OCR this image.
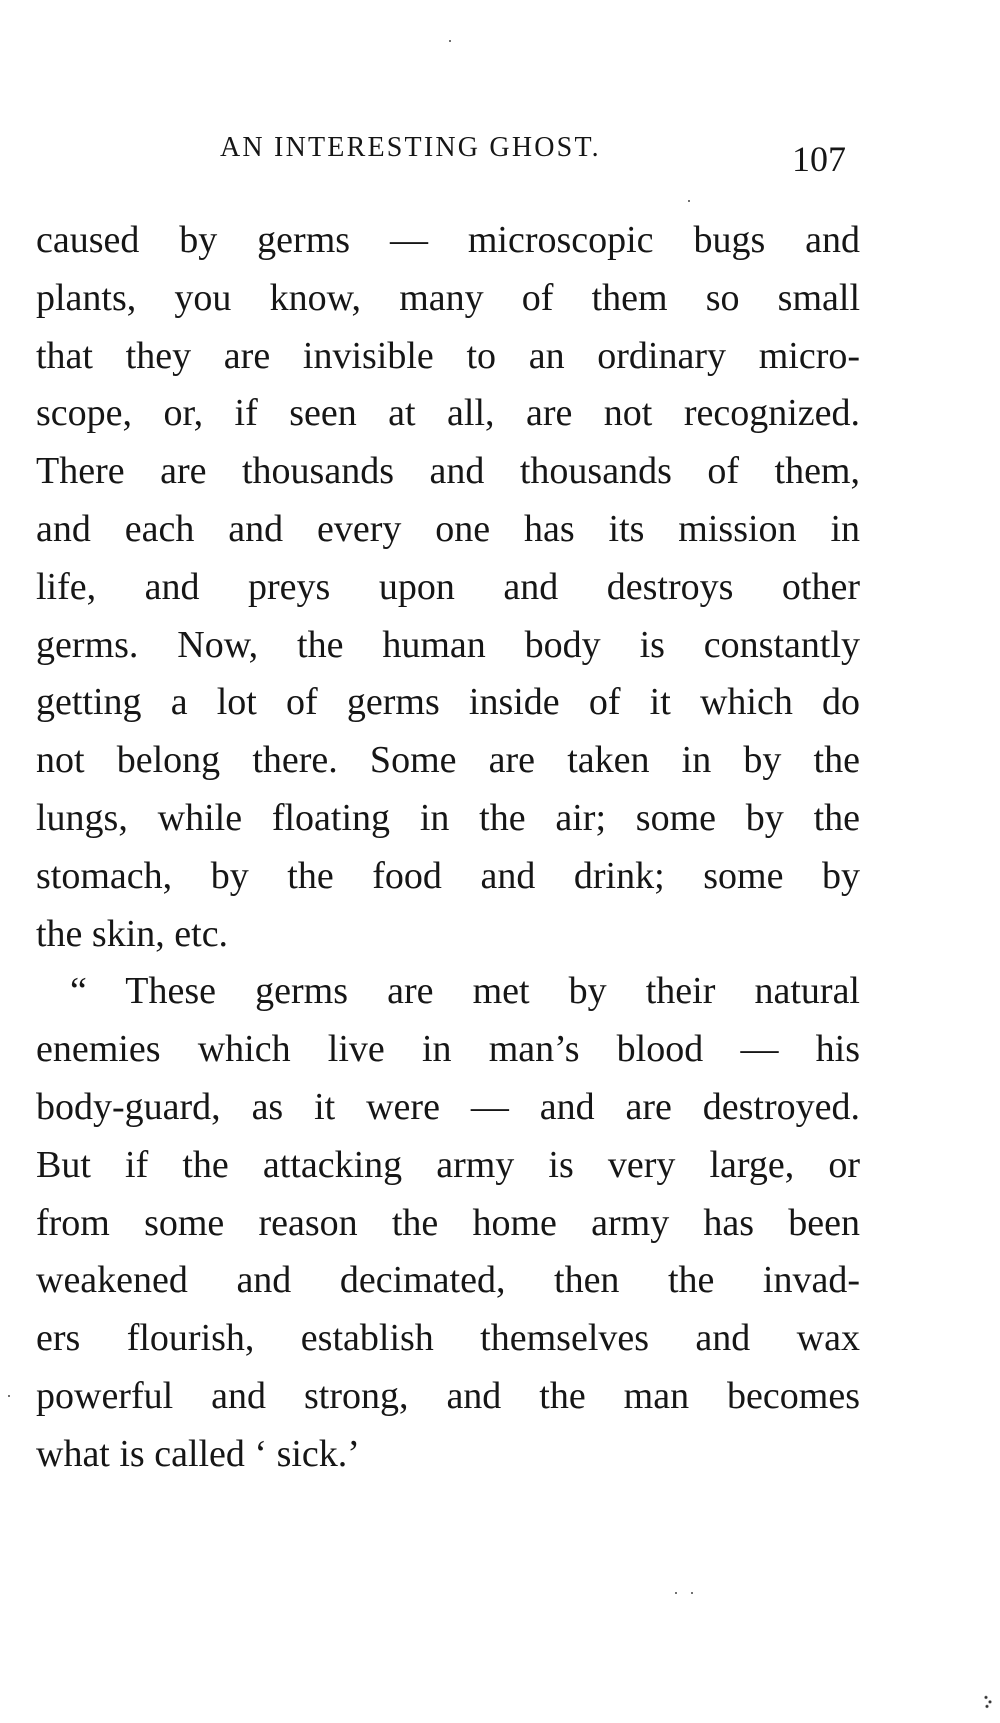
AN INTERESTING GHOST.	107
caused by germs — microscopic bugs and
plants, you know, many of them so small
that they are invisible to an ordinary micro-
scope, or, if seen at all, are not recognized.
There are thousands and thousands of them,
and each and every one has its mission in
life, and preys upon and destroys other
germs. Now, the human body is constantly
getting a lot of germs inside of it which do
not belong there. Some are taken in by the
lungs, while floating in the air; some by the
stomach, by the food and drink; some by
the skin, etc.
“ These germs are met by their natural
enemies which live in man’s blood — his
body-guard, as it were — and are destroyed.
But if the attacking army is very large, or
from some reason the home army has been
weakened and decimated, then the invad-
ers flourish, establish themselves and wax
powerful and strong, and the man becomes
what is called ‘ sick.’
